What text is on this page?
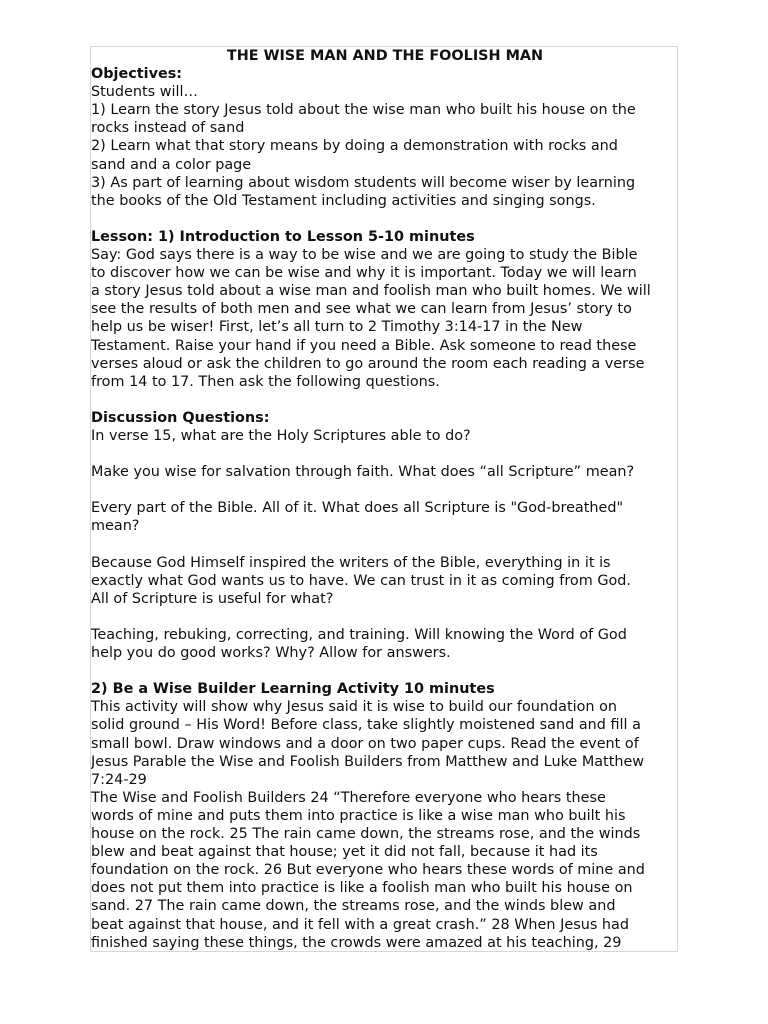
THE WISE MAN AND THE FOOLISH MAN
Objectives:
Students will…
1) Learn the story Jesus told about the wise man who built his house on the
rocks instead of sand
2) Learn what that story means by doing a demonstration with rocks and
sand and a color page
3) As part of learning about wisdom students will become wiser by learning
the books of the Old Testament including activities and singing songs.
Lesson: 1) Introduction to Lesson 5-10 minutes
Say: God says there is a way to be wise and we are going to study the Bible
to discover how we can be wise and why it is important. Today we will learn
a story Jesus told about a wise man and foolish man who built homes. We will
see the results of both men and see what we can learn from Jesus’ story to
help us be wiser! First, let’s all turn to 2 Timothy 3:14-17 in the New
Testament. Raise your hand if you need a Bible. Ask someone to read these
verses aloud or ask the children to go around the room each reading a verse
from 14 to 17. Then ask the following questions.
Discussion Questions:
In verse 15, what are the Holy Scriptures able to do?
Make you wise for salvation through faith. What does “all Scripture” mean?
Every part of the Bible. All of it. What does all Scripture is "God-breathed"
mean?
Because God Himself inspired the writers of the Bible, everything in it is
exactly what God wants us to have. We can trust in it as coming from God.
All of Scripture is useful for what?
Teaching, rebuking, correcting, and training. Will knowing the Word of God
help you do good works? Why? Allow for answers.
2) Be a Wise Builder Learning Activity 10 minutes
This activity will show why Jesus said it is wise to build our foundation on
solid ground – His Word! Before class, take slightly moistened sand and fill a
small bowl. Draw windows and a door on two paper cups. Read the event of
Jesus Parable the Wise and Foolish Builders from Matthew and Luke Matthew
7:24-29
The Wise and Foolish Builders 24 “Therefore everyone who hears these
words of mine and puts them into practice is like a wise man who built his
house on the rock. 25 The rain came down, the streams rose, and the winds
blew and beat against that house; yet it did not fall, because it had its
foundation on the rock. 26 But everyone who hears these words of mine and
does not put them into practice is like a foolish man who built his house on
sand. 27 The rain came down, the streams rose, and the winds blew and
beat against that house, and it fell with a great crash.” 28 When Jesus had
finished saying these things, the crowds were amazed at his teaching, 29
